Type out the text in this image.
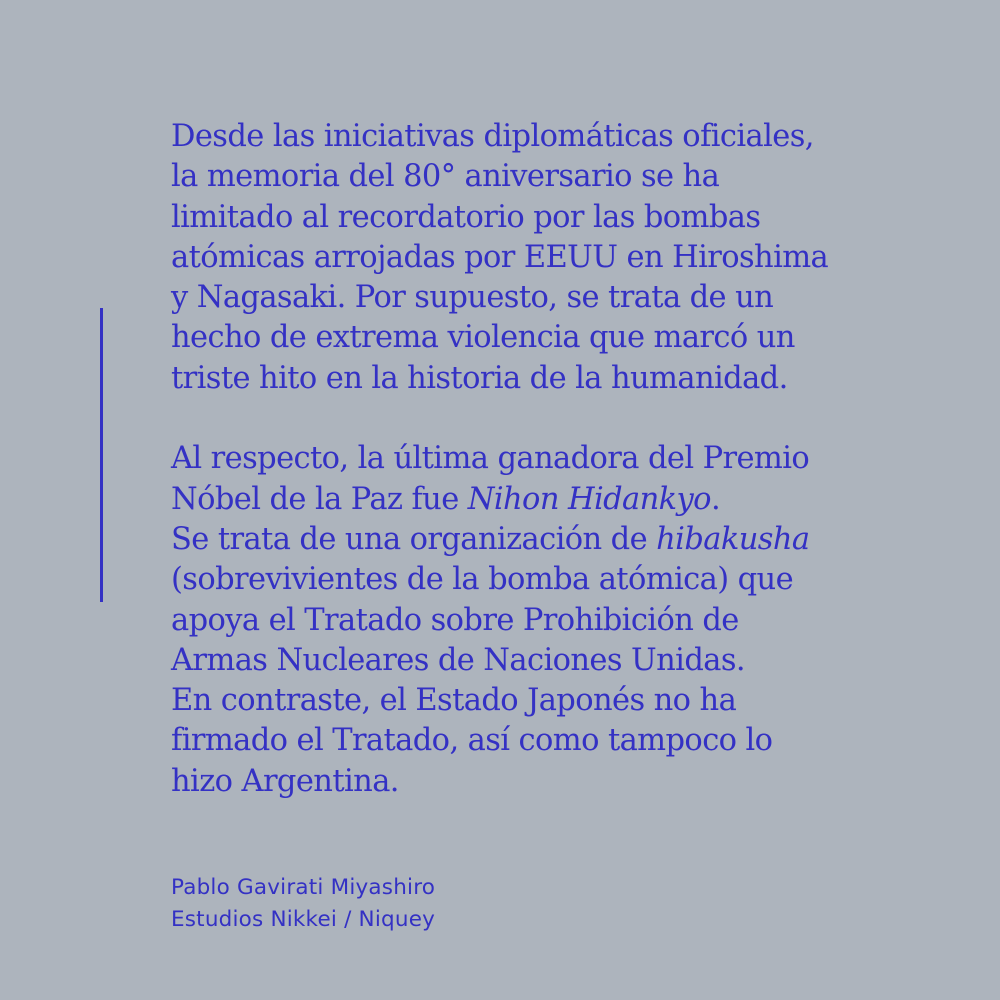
Desde las iniciativas diplomáticas oficiales,
la memoria del 80° aniversario se ha
limitado al recordatorio por las bombas
atómicas arrojadas por EEUU en Hiroshima
y Nagasaki. Por supuesto, se trata de un
hecho de extrema violencia que marcó un
triste hito en la historia de la humanidad.

Al respecto, la última ganadora del Premio
Nóbel de la Paz fue Nihon Hidankyo.
Se trata de una organización de hibakusha
(sobrevivientes de la bomba atómica) que
apoya el Tratado sobre Prohibición de
Armas Nucleares de Naciones Unidas.
En contraste, el Estado Japonés no ha
firmado el Tratado, así como tampoco lo
hizo Argentina.

Pablo Gavirati Miyashiro
Estudios Nikkei / Niquey
